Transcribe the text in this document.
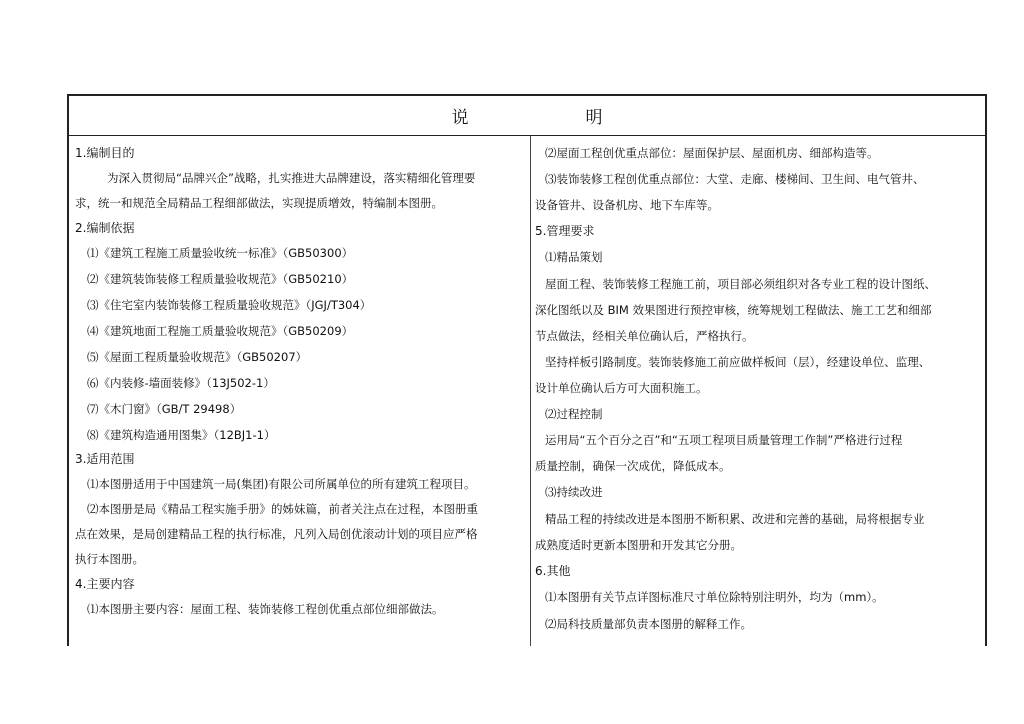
说　明
1.编制目的
为深入贯彻局“品牌兴企”战略，扎实推进大品牌建设，落实精细化管理要
求，统一和规范全局精品工程细部做法，实现提质增效，特编制本图册。
2.编制依据
⑴《建筑工程施工质量验收统一标准》（GB50300）
⑵《建筑装饰装修工程质量验收规范》（GB50210）
⑶《住宅室内装饰装修工程质量验收规范》（JGJ/T304）
⑷《建筑地面工程施工质量验收规范》（GB50209）
⑸《屋面工程质量验收规范》（GB50207）
⑹《内装修-墙面装修》（13J502-1）
⑺《木门窗》（GB/T 29498）
⑻《建筑构造通用图集》（12BJ1-1）
3.适用范围
⑴本图册适用于中国建筑一局(集团)有限公司所属单位的所有建筑工程项目。
⑵本图册是局《精品工程实施手册》的姊妹篇，前者关注点在过程，本图册重
点在效果，是局创建精品工程的执行标准，凡列入局创优滚动计划的项目应严格
执行本图册。
4.主要内容
⑴本图册主要内容：屋面工程、装饰装修工程创优重点部位细部做法。
⑵屋面工程创优重点部位：屋面保护层、屋面机房、细部构造等。
⑶装饰装修工程创优重点部位：大堂、走廊、楼梯间、卫生间、电气管井、
设备管井、设备机房、地下车库等。
5.管理要求
⑴精品策划
屋面工程、装饰装修工程施工前，项目部必须组织对各专业工程的设计图纸、
深化图纸以及 BIM 效果图进行预控审核，统筹规划工程做法、施工工艺和细部
节点做法，经相关单位确认后，严格执行。
坚持样板引路制度。装饰装修施工前应做样板间（层），经建设单位、监理、
设计单位确认后方可大面积施工。
⑵过程控制
运用局“五个百分之百”和“五项工程项目质量管理工作制”严格进行过程
质量控制，确保一次成优，降低成本。
⑶持续改进
精品工程的持续改进是本图册不断积累、改进和完善的基础，局将根据专业
成熟度适时更新本图册和开发其它分册。
6.其他
⑴本图册有关节点详图标准尺寸单位除特别注明外，均为（mm）。
⑵局科技质量部负责本图册的解释工作。
